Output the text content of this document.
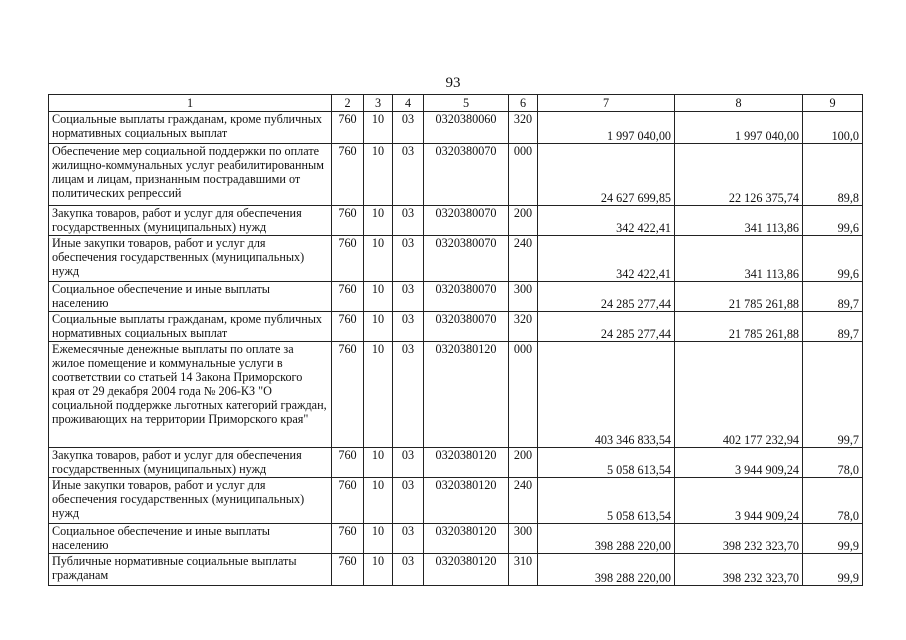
93
1	2	3	4	5	6	7	8	9
Социальные выплаты гражданам, кроме публичных нормативных социальных выплат	760	10	03	0320380060	320	1 997 040,00	1 997 040,00	100,0
Обеспечение мер социальной поддержки по оплате жилищно-коммунальных услуг реабилитированным лицам и лицам, признанным пострадавшими от политических репрессий	760	10	03	0320380070	000	24 627 699,85	22 126 375,74	89,8
Закупка товаров, работ и услуг для обеспечения государственных (муниципальных) нужд	760	10	03	0320380070	200	342 422,41	341 113,86	99,6
Иные закупки товаров, работ и услуг для обеспечения государственных (муниципальных) нужд	760	10	03	0320380070	240	342 422,41	341 113,86	99,6
Социальное обеспечение и иные выплаты населению	760	10	03	0320380070	300	24 285 277,44	21 785 261,88	89,7
Социальные выплаты гражданам, кроме публичных нормативных социальных выплат	760	10	03	0320380070	320	24 285 277,44	21 785 261,88	89,7
Ежемесячные денежные выплаты по оплате за жилое помещение и коммунальные услуги в соответствии со статьей 14 Закона Приморского края от 29 декабря 2004 года № 206-КЗ "О социальной поддержке льготных категорий граждан, проживающих на территории Приморского края"	760	10	03	0320380120	000	403 346 833,54	402 177 232,94	99,7
Закупка товаров, работ и услуг для обеспечения государственных (муниципальных) нужд	760	10	03	0320380120	200	5 058 613,54	3 944 909,24	78,0
Иные закупки товаров, работ и услуг для обеспечения государственных (муниципальных) нужд	760	10	03	0320380120	240	5 058 613,54	3 944 909,24	78,0
Социальное обеспечение и иные выплаты населению	760	10	03	0320380120	300	398 288 220,00	398 232 323,70	99,9
Публичные нормативные социальные выплаты гражданам	760	10	03	0320380120	310	398 288 220,00	398 232 323,70	99,9
